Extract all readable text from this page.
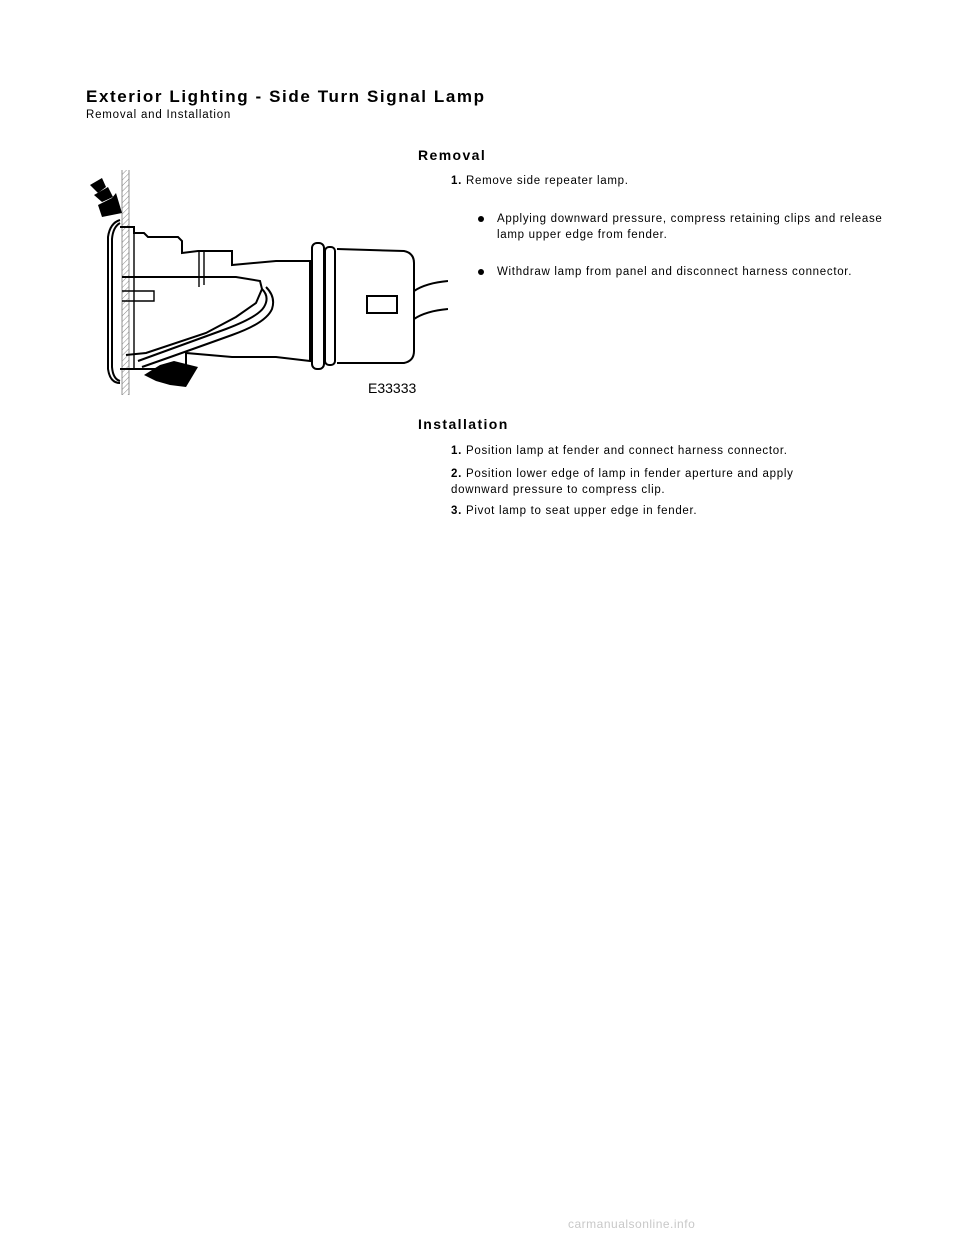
Exterior Lighting - Side Turn Signal Lamp
Removal and Installation
Removal
1. Remove side repeater lamp.
Applying downward pressure, compress retaining clips and release lamp upper edge from fender.
Withdraw lamp from panel and disconnect harness connector.
E33333
Installation
1. Position lamp at fender and connect harness connector.
2. Position lower edge of lamp in fender aperture and apply downward pressure to compress clip.
3. Pivot lamp to seat upper edge in fender.
carmanualsonline.info
